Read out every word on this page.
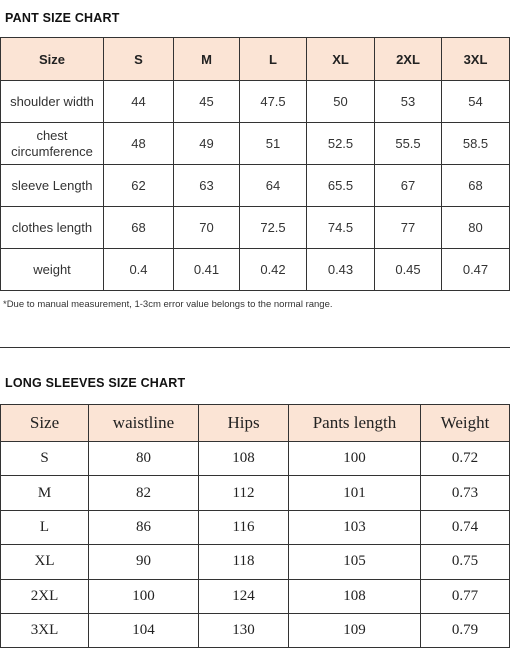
PANT SIZE CHART
Size	S	M	L	XL	2XL	3XL
shoulder width	44	45	47.5	50	53	54
chest circumference	48	49	51	52.5	55.5	58.5
sleeve Length	62	63	64	65.5	67	68
clothes length	68	70	72.5	74.5	77	80
weight	0.4	0.41	0.42	0.43	0.45	0.47
*Due to manual measurement, 1-3cm error value belongs to the normal range.
LONG SLEEVES SIZE CHART
Size	waistline	Hips	Pants length	Weight
S	80	108	100	0.72
M	82	112	101	0.73
L	86	116	103	0.74
XL	90	118	105	0.75
2XL	100	124	108	0.77
3XL	104	130	109	0.79
